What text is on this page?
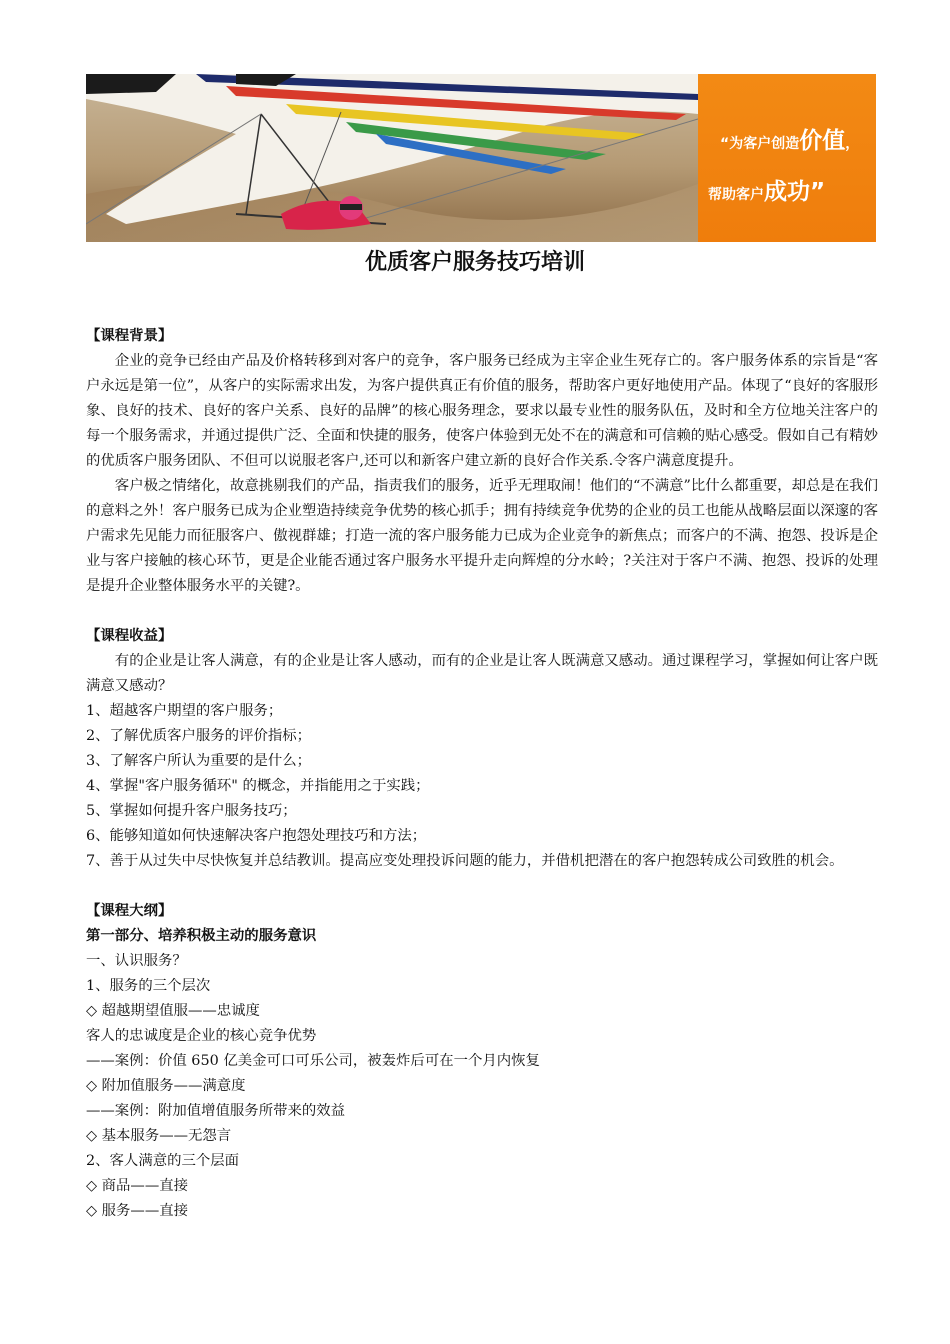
“为客户创造价值，
帮助客户成功”
优质客户服务技巧培训
【课程背景】
企业的竞争已经由产品及价格转移到对客户的竞争，客户服务已经成为主宰企业生死存亡的。客户服务体系的宗旨是“客户永远是第一位”，从客户的实际需求出发，为客户提供真正有价值的服务，帮助客户更好地使用产品。体现了“良好的客服形象、良好的技术、良好的客户关系、良好的品牌”的核心服务理念，要求以最专业性的服务队伍，及时和全方位地关注客户的每一个服务需求，并通过提供广泛、全面和快捷的服务，使客户体验到无处不在的满意和可信赖的贴心感受。假如自己有精妙的优质客户服务团队、不但可以说服老客户,还可以和新客户建立新的良好合作关系.令客户满意度提升。
客户极之情绪化，故意挑剔我们的产品，指责我们的服务，近乎无理取闹！他们的“不满意”比什么都重要，却总是在我们的意料之外！客户服务已成为企业塑造持续竞争优势的核心抓手；拥有持续竞争优势的企业的员工也能从战略层面以深邃的客户需求先见能力而征服客户、傲视群雄；打造一流的客户服务能力已成为企业竞争的新焦点；而客户的不满、抱怨、投诉是企业与客户接触的核心环节，更是企业能否通过客户服务水平提升走向辉煌的分水岭；?关注对于客户不满、抱怨、投诉的处理是提升企业整体服务水平的关键?。
【课程收益】
有的企业是让客人满意，有的企业是让客人感动，而有的企业是让客人既满意又感动。通过课程学习，掌握如何让客户既满意又感动？
1、超越客户期望的客户服务；
2、了解优质客户服务的评价指标；
3、了解客户所认为重要的是什么；
4、掌握"客户服务循环" 的概念，并指能用之于实践；
5、掌握如何提升客户服务技巧；
6、能够知道如何快速解决客户抱怨处理技巧和方法；
7、善于从过失中尽快恢复并总结教训。提高应变处理投诉问题的能力，并借机把潜在的客户抱怨转成公司致胜的机会。
【课程大纲】
第一部分、培养积极主动的服务意识
一、认识服务？
1、服务的三个层次
◇ 超越期望值服——忠诚度
客人的忠诚度是企业的核心竞争优势
——案例：价值 650 亿美金可口可乐公司，被轰炸后可在一个月内恢复
◇ 附加值服务——满意度
——案例：附加值增值服务所带来的效益
◇ 基本服务——无怨言
2、客人满意的三个层面
◇ 商品——直接
◇ 服务——直接
